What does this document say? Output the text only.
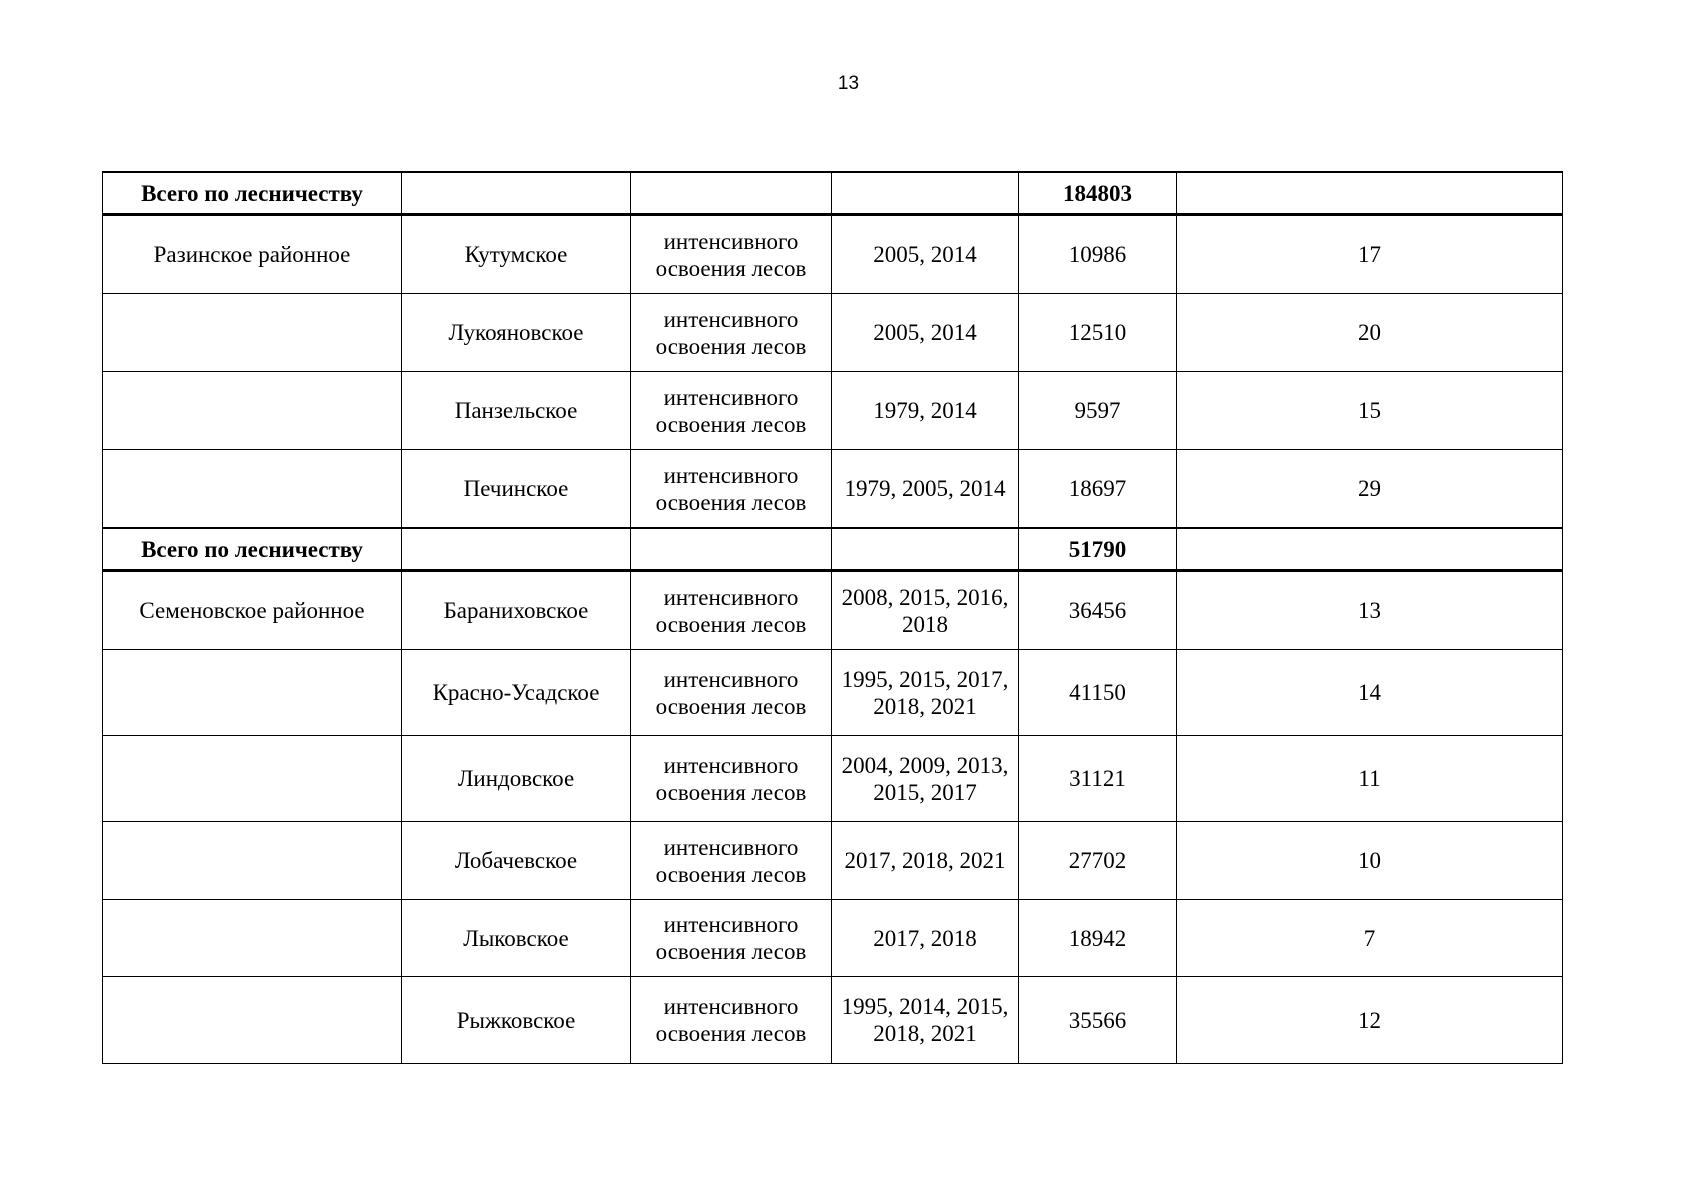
13
Всего по лесничеству				184803	
Разинское районное	Кутумское	интенсивного освоения лесов	2005, 2014	10986	17
	Лукояновское	интенсивного освоения лесов	2005, 2014	12510	20
	Панзельское	интенсивного освоения лесов	1979, 2014	9597	15
	Печинское	интенсивного освоения лесов	1979, 2005, 2014	18697	29
Всего по лесничеству				51790	
Семеновское районное	Бараниховское	интенсивного освоения лесов	2008, 2015, 2016, 2018	36456	13
	Красно-Усадское	интенсивного освоения лесов	1995, 2015, 2017, 2018, 2021	41150	14
	Линдовское	интенсивного освоения лесов	2004, 2009, 2013, 2015, 2017	31121	11
	Лобачевское	интенсивного освоения лесов	2017, 2018, 2021	27702	10
	Лыковское	интенсивного освоения лесов	2017, 2018	18942	7
	Рыжковское	интенсивного освоения лесов	1995, 2014, 2015, 2018, 2021	35566	12
